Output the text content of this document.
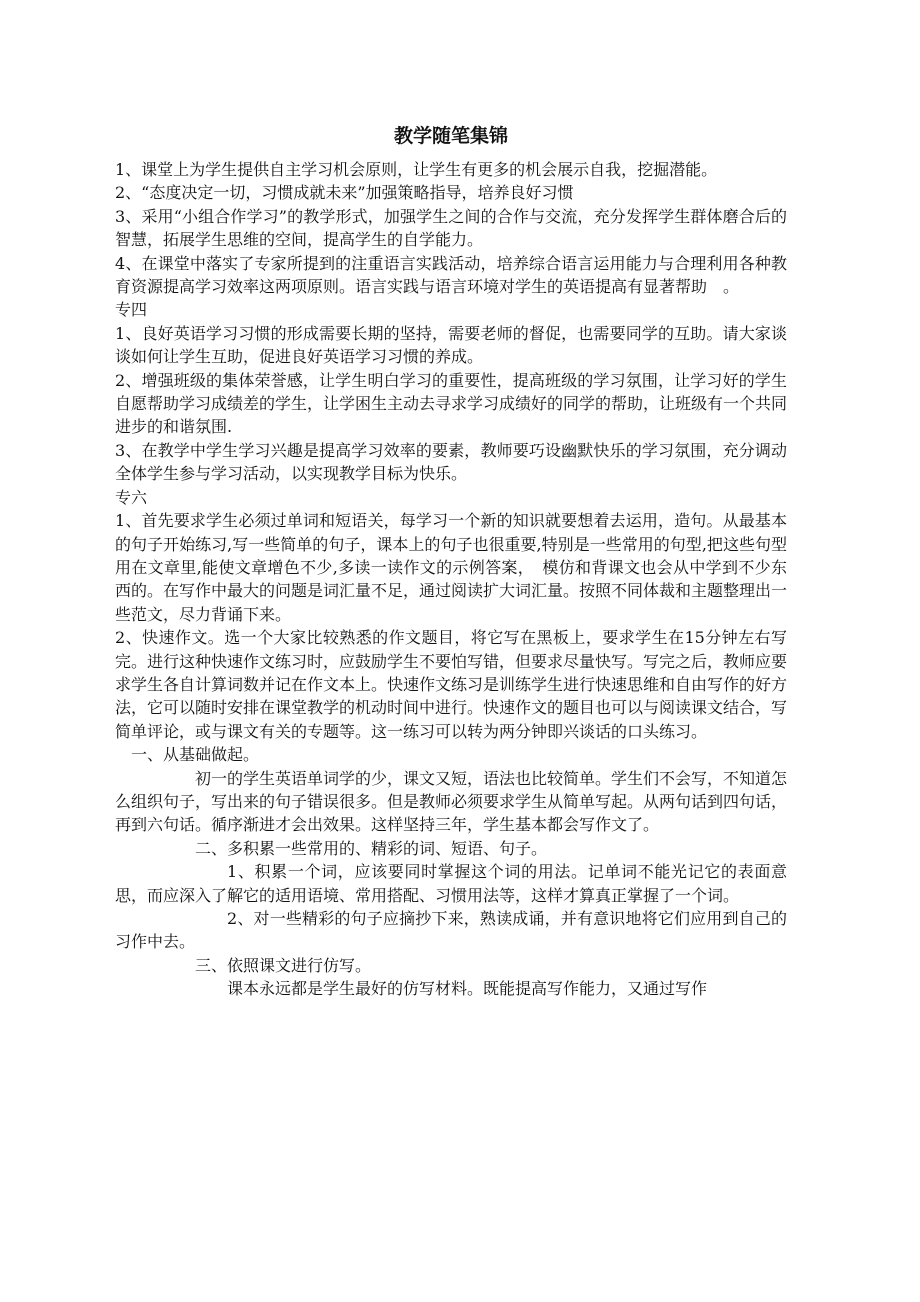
教学随笔集锦

1、课堂上为学生提供自主学习机会原则，让学生有更多的机会展示自我，挖掘潜能。

2、“态度决定一切，习惯成就未来”加强策略指导，培养良好习惯

3、采用“小组合作学习”的教学形式，加强学生之间的合作与交流，充分发挥学生群体磨合后的智慧，拓展学生思维的空间，提高学生的自学能力。

4、在课堂中落实了专家所提到的注重语言实践活动，培养综合语言运用能力与合理利用各种教育资源提高学习效率这两项原则。语言实践与语言环境对学生的英语提高有显著帮助　。

专四

1、良好英语学习习惯的形成需要长期的坚持，需要老师的督促，也需要同学的互助。请大家谈谈如何让学生互助，促进良好英语学习习惯的养成。

2、增强班级的集体荣誉感，让学生明白学习的重要性，提高班级的学习氛围，让学习好的学生自愿帮助学习成绩差的学生，让学困生主动去寻求学习成绩好的同学的帮助，让班级有一个共同进步的和谐氛围.

3、在教学中学生学习兴趣是提高学习效率的要素，教师要巧设幽默快乐的学习氛围，充分调动全体学生参与学习活动，以实现教学目标为快乐。

专六

1、首先要求学生必须过单词和短语关，每学习一个新的知识就要想着去运用，造句。从最基本的句子开始练习,写一些简单的句子，课本上的句子也很重要,特别是一些常用的句型,把这些句型用在文章里,能使文章增色不少,多读一读作文的示例答案，　模仿和背课文也会从中学到不少东西的。在写作中最大的问题是词汇量不足，通过阅读扩大词汇量。按照不同体裁和主题整理出一些范文，尽力背诵下来。

2、快速作文。选一个大家比较熟悉的作文题目，将它写在黑板上，要求学生在15分钟左右写完。进行这种快速作文练习时，应鼓励学生不要怕写错，但要求尽量快写。写完之后，教师应要求学生各自计算词数并记在作文本上。快速作文练习是训练学生进行快速思维和自由写作的好方法，它可以随时安排在课堂教学的机动时间中进行。快速作文的题目也可以与阅读课文结合，写简单评论，或与课文有关的专题等。这一练习可以转为两分钟即兴谈话的口头练习。

一、从基础做起。

初一的学生英语单词学的少，课文又短，语法也比较简单。学生们不会写，不知道怎么组织句子，写出来的句子错误很多。但是教师必须要求学生从简单写起。从两句话到四句话，再到六句话。循序渐进才会出效果。这样坚持三年，学生基本都会写作文了。

二、多积累一些常用的、精彩的词、短语、句子。

1、积累一个词，应该要同时掌握这个词的用法。记单词不能光记它的表面意思，而应深入了解它的适用语境、常用搭配、习惯用法等，这样才算真正掌握了一个词。

2、对一些精彩的句子应摘抄下来，熟读成诵，并有意识地将它们应用到自己的习作中去。

三、依照课文进行仿写。

课本永远都是学生最好的仿写材料。既能提高写作能力，又通过写作
